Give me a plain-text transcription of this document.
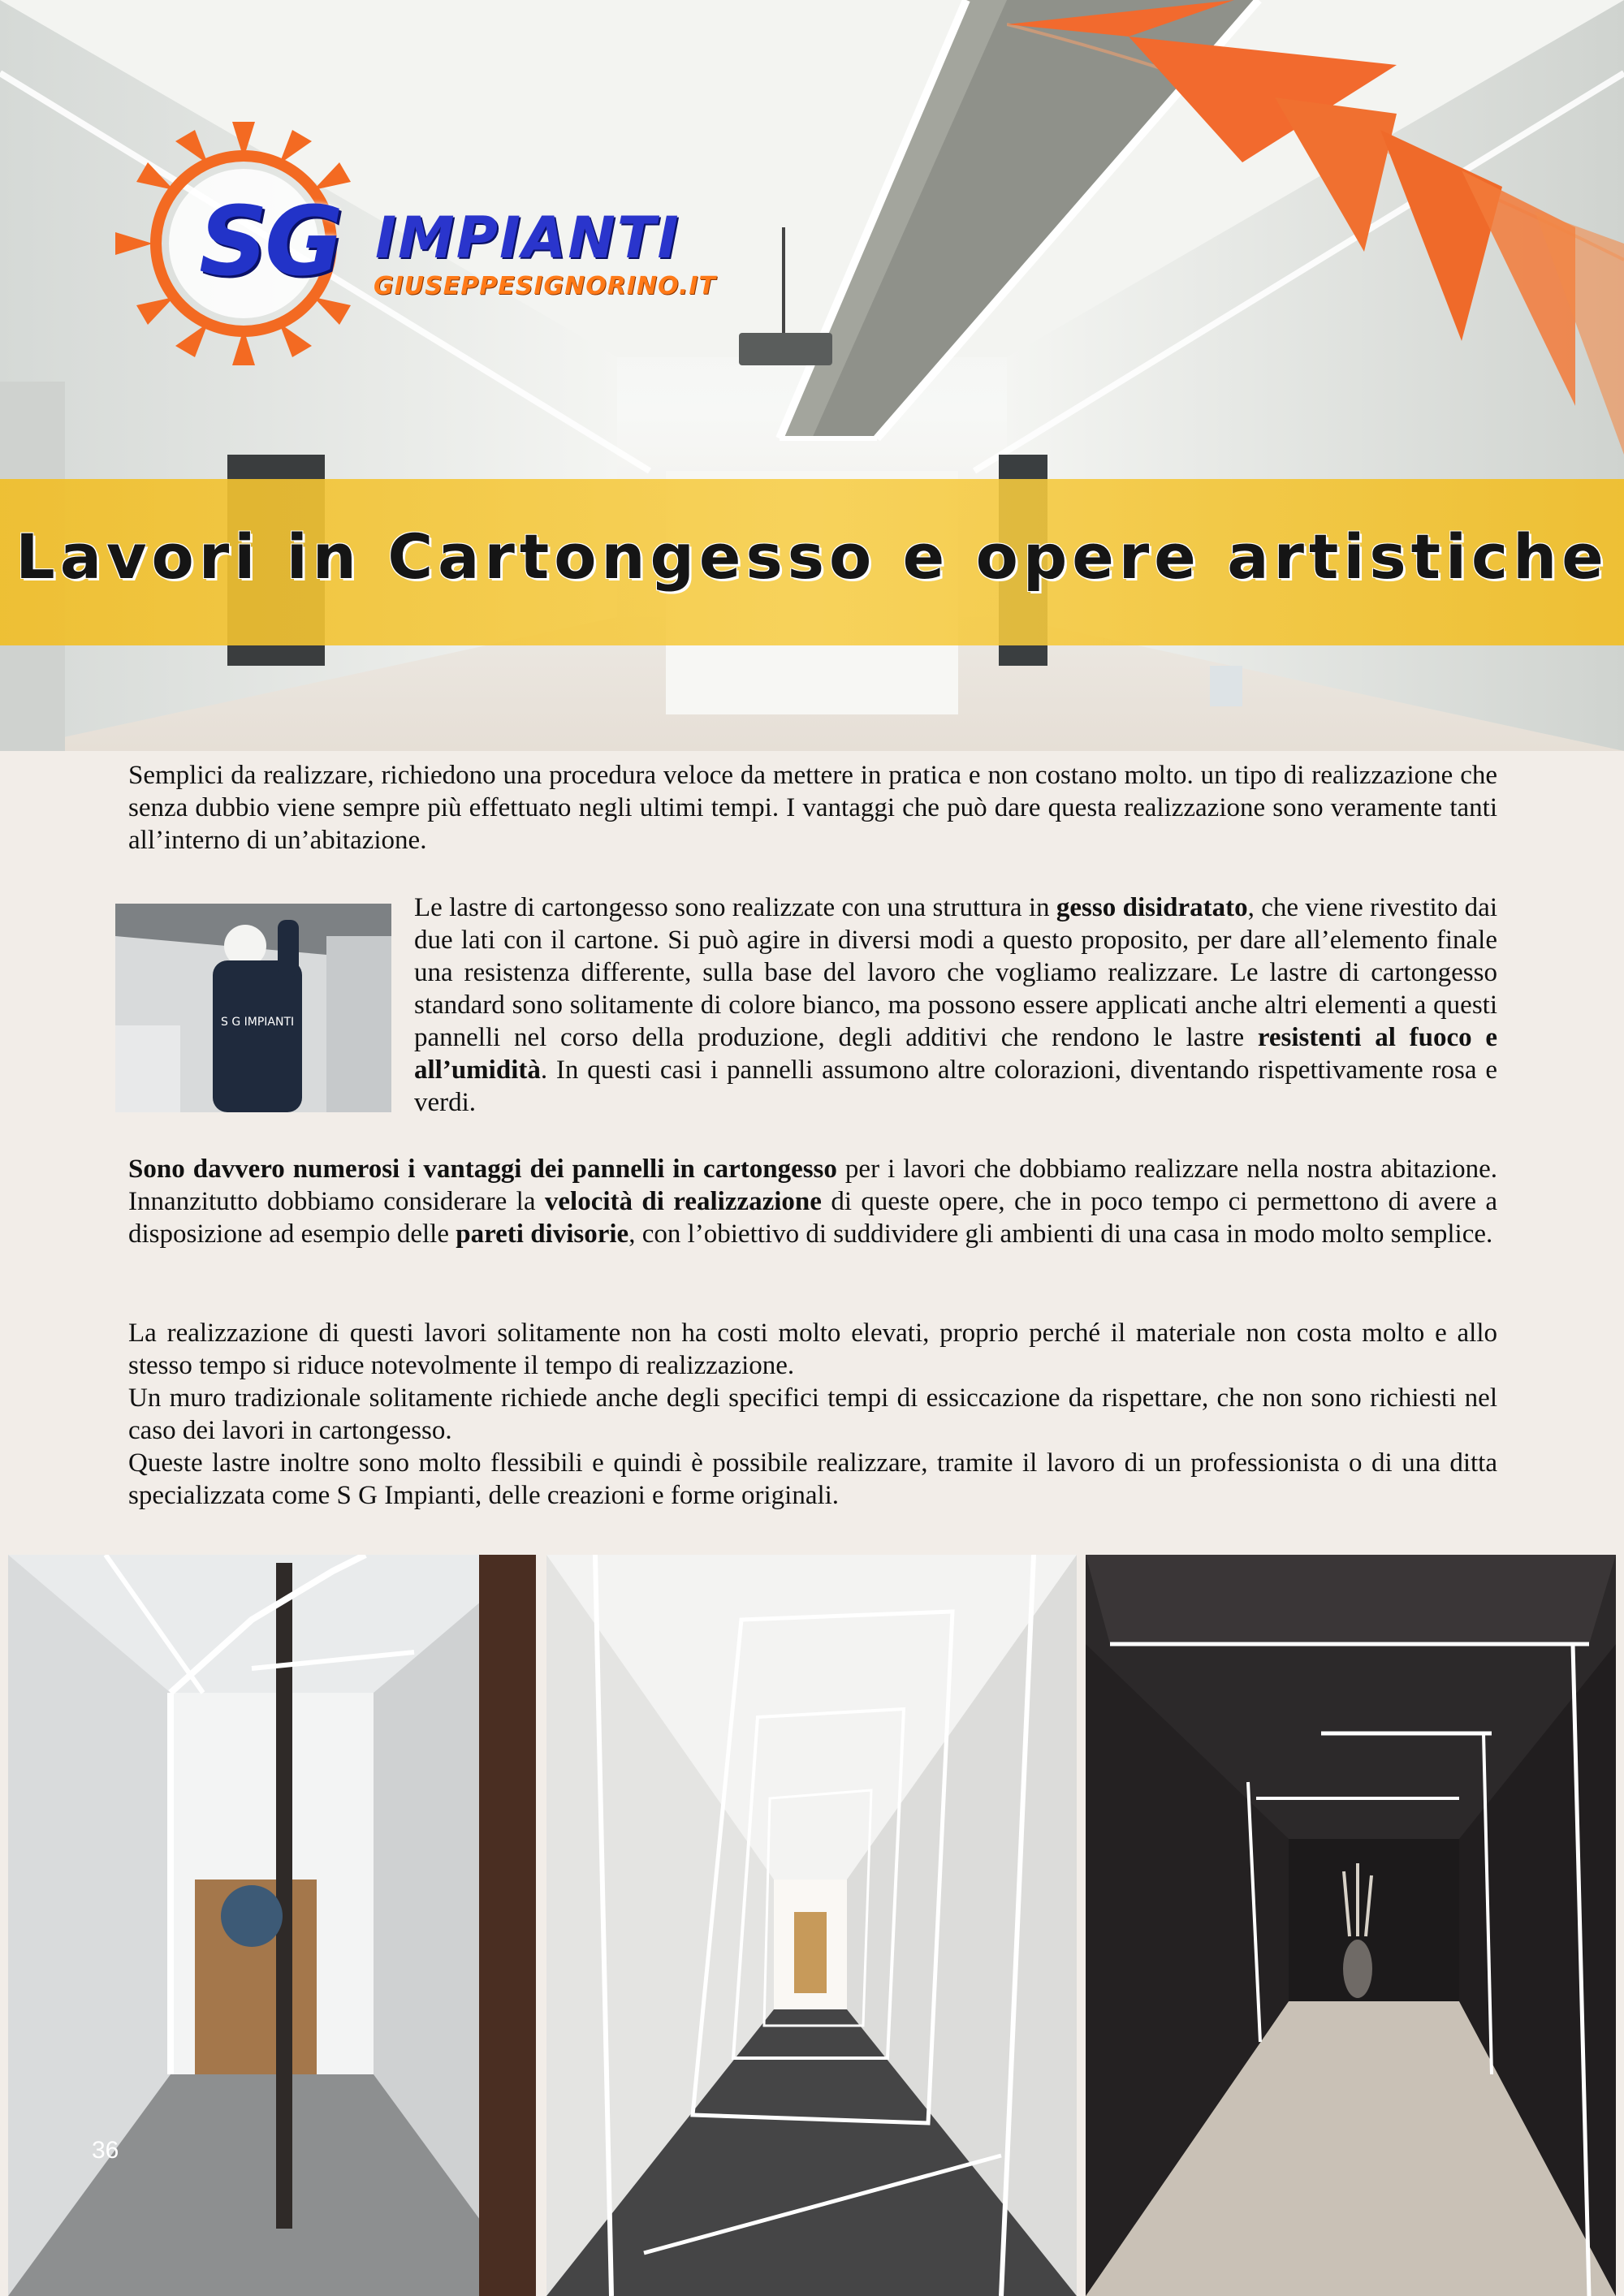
SG IMPIANTI
GIUSEPPESIGNORINO.IT
Lavori in Cartongesso e opere artistiche

Semplici da realizzare, richiedono una procedura veloce da mettere in pratica e non costano molto. un tipo di realizzazione che senza dubbio viene sempre più effettuato negli ultimi tempi. I vantaggi che può dare questa realizzazione sono veramente tanti all’interno di un’abitazione.

S G IMPIANTI

Le lastre di cartongesso sono realizzate con una struttura in gesso disidratato, che viene rivestito dai due lati con il cartone. Si può agire in diversi modi a questo proposito, per dare all’elemento finale una resistenza differente, sulla base del lavoro che vogliamo realizzare. Le lastre di cartongesso standard sono solitamente di colore bianco, ma possono essere applicati anche altri elementi a questi pannelli nel corso della produzione, degli additivi che rendono le lastre resistenti al fuoco e all’umidità. In questi casi i pannelli assumono altre colorazioni, diventando rispettivamente rosa e verdi.

Sono davvero numerosi i vantaggi dei pannelli in cartongesso per i lavori che dobbiamo realizzare nella nostra abitazione. Innanzitutto dobbiamo considerare la velocità di realizzazione di queste opere, che in poco tempo ci permettono di avere a disposizione ad esempio delle pareti divisorie, con l’obiettivo di suddividere gli ambienti di una casa in modo molto semplice.

La realizzazione di questi lavori solitamente non ha costi molto elevati, proprio perché il materiale non costa molto e allo stesso tempo si riduce notevolmente il tempo di realizzazione.

Un muro tradizionale solitamente richiede anche degli specifici tempi di essiccazione da rispettare, che non sono richiesti nel caso dei lavori in cartongesso.

Queste lastre inoltre sono molto flessibili e quindi è possibile realizzare, tramite il lavoro di un professionista o di una ditta specializzata come S G Impianti, delle creazioni e forme originali.

36
